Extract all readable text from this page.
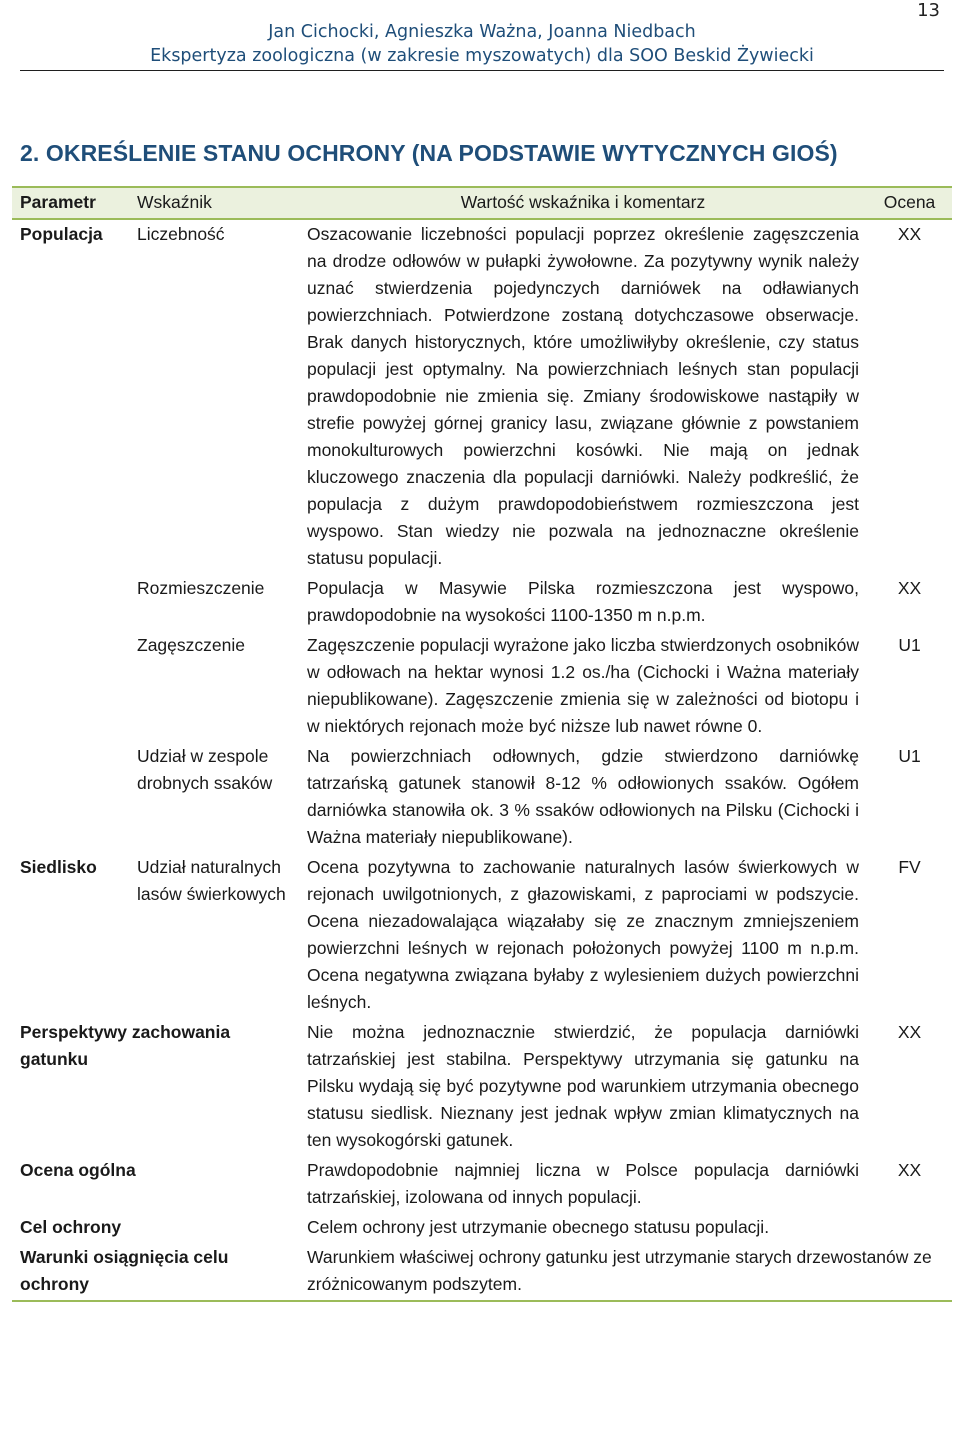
13
Jan Cichocki, Agnieszka Ważna, Joanna Niedbach
Ekspertyza zoologiczna (w zakresie myszowatych) dla SOO Beskid Żywiecki
2. OKREŚLENIE STANU OCHRONY (NA PODSTAWIE WYTYCZNYCH GIOŚ)
Parametr	Wskaźnik	Wartość wskaźnika i komentarz	Ocena
Populacja	Liczebność	Oszacowanie liczebności populacji poprzez określenie zagęszczenia na drodze odłowów w pułapki żywołowne. Za pozytywny wynik należy uznać stwierdzenia pojedynczych darniówek na odławianych powierzchniach. Potwierdzone zostaną dotychczasowe obserwacje. Brak danych historycznych, które umożliwiłyby określenie, czy status populacji jest optymalny. Na powierzchniach leśnych stan populacji prawdopodobnie nie zmienia się. Zmiany środowiskowe nastąpiły w strefie powyżej górnej granicy lasu, związane głównie z powstaniem monokulturowych powierzchni kosówki. Nie mają on jednak kluczowego znaczenia dla populacji darniówki. Należy podkreślić, że populacja z dużym prawdopodobieństwem rozmieszczona jest wyspowo. Stan wiedzy nie pozwala na jednoznaczne określenie statusu populacji.	XX
	Rozmieszczenie	Populacja w Masywie Pilska rozmieszczona jest wyspowo, prawdopodobnie na wysokości 1100-1350 m n.p.m.	XX
	Zagęszczenie	Zagęszczenie populacji wyrażone jako liczba stwierdzonych osobników w odłowach na hektar wynosi 1.2 os./ha (Cichocki i Ważna materiały niepublikowane). Zagęszczenie zmienia się w zależności od biotopu i w niektórych rejonach może być niższe lub nawet równe 0.	U1
	Udział w zespole drobnych ssaków	Na powierzchniach odłownych, gdzie stwierdzono darniówkę tatrzańską gatunek stanowił 8-12 % odłowionych ssaków. Ogółem darniówka stanowiła ok. 3 % ssaków odłowionych na Pilsku (Cichocki i Ważna materiały niepublikowane).	U1
Siedlisko	Udział naturalnych lasów świerkowych	Ocena pozytywna to zachowanie naturalnych lasów świerkowych w rejonach uwilgotnionych, z głazowiskami, z paprociami w podszycie. Ocena niezadowalająca wiązałaby się ze znacznym zmniejszeniem powierzchni leśnych w rejonach położonych powyżej 1100 m n.p.m. Ocena negatywna związana byłaby z wylesieniem dużych powierzchni leśnych.	FV
Perspektywy zachowania gatunku		Nie można jednoznacznie stwierdzić, że populacja darniówki tatrzańskiej jest stabilna. Perspektywy utrzymania się gatunku na Pilsku wydają się być pozytywne pod warunkiem utrzymania obecnego statusu siedlisk. Nieznany jest jednak wpływ zmian klimatycznych na ten wysokogórski gatunek.	XX
Ocena ogólna		Prawdopodobnie najmniej liczna w Polsce populacja darniówki tatrzańskiej, izolowana od innych populacji.	XX
Cel ochrony		Celem ochrony jest utrzymanie obecnego statusu populacji.	
Warunki osiągnięcia celu ochrony		Warunkiem właściwej ochrony gatunku jest utrzymanie starych drzewostanów ze zróżnicowanym podszytem.	
